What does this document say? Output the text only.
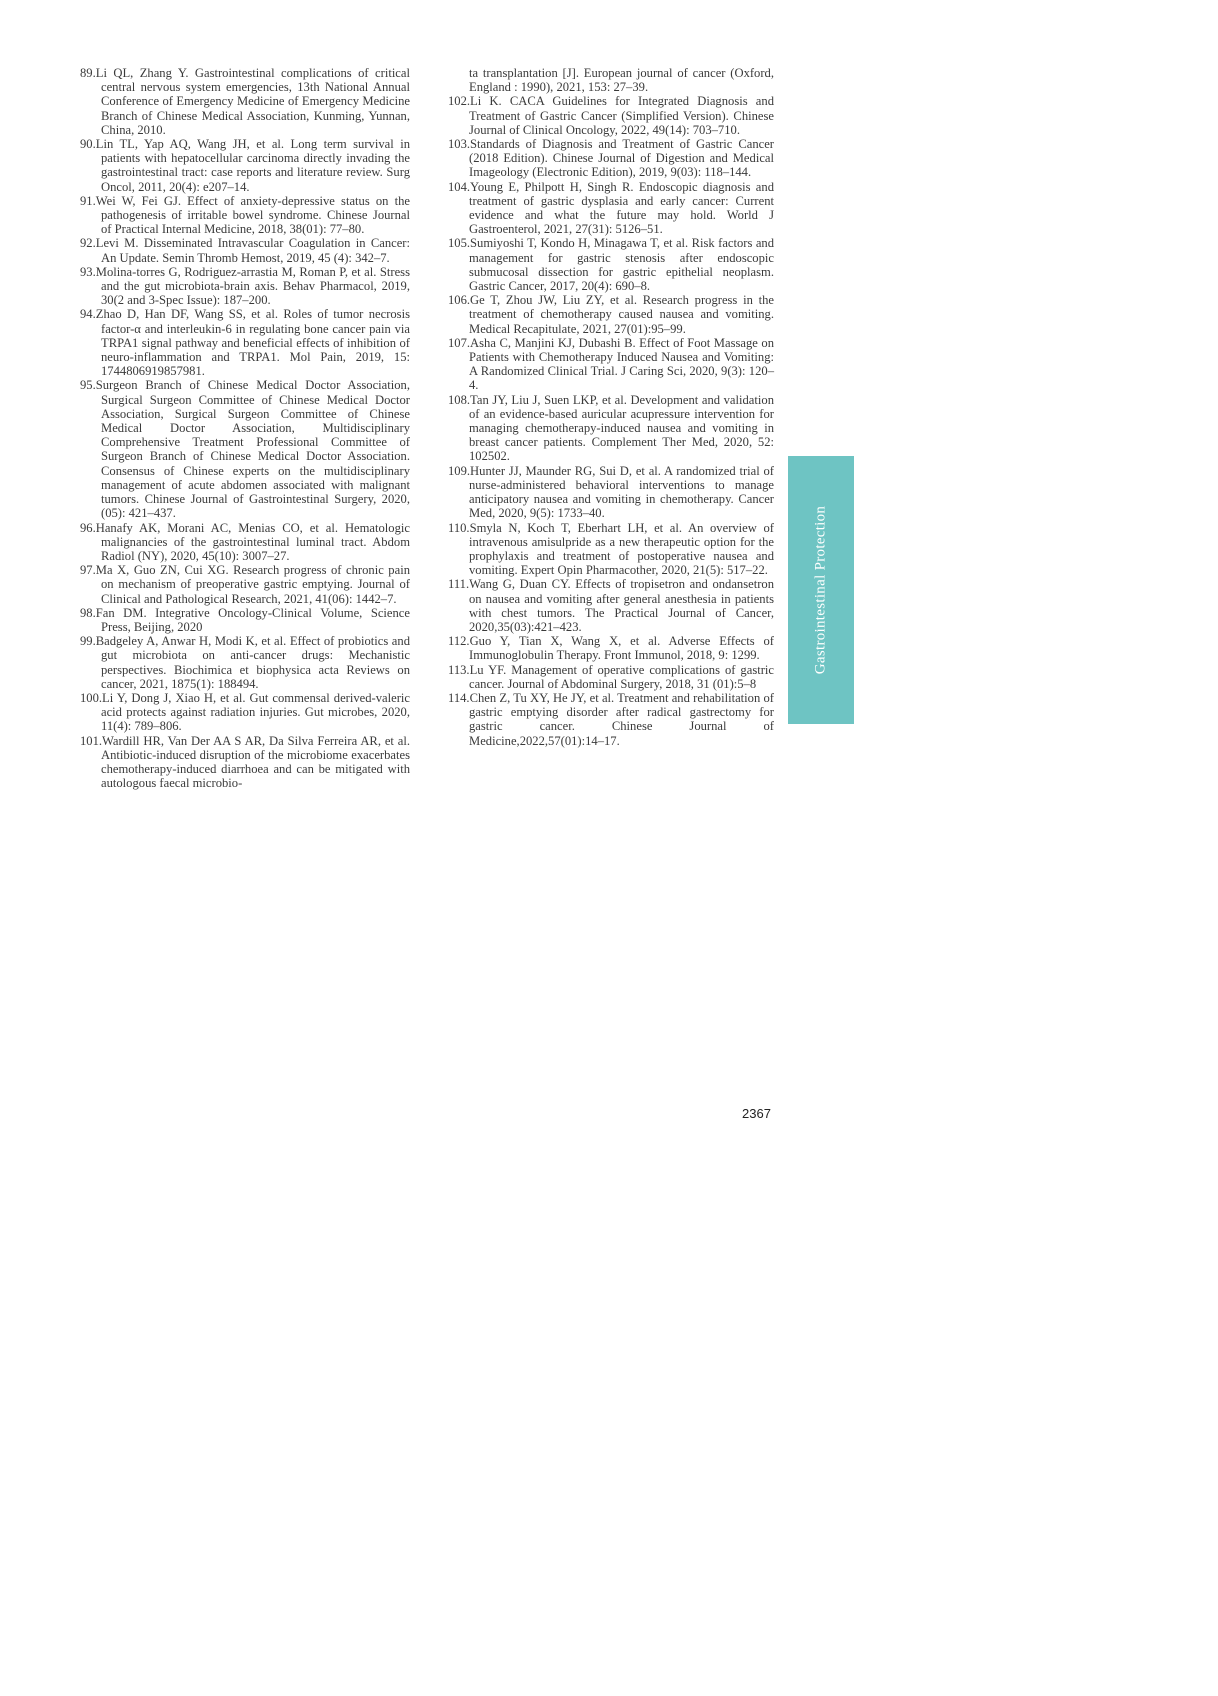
89.Li QL, Zhang Y. Gastrointestinal complications of critical central nervous system emergencies, 13th National Annual Conference of Emergency Medicine of Emergency Medicine Branch of Chinese Medical Association, Kunming, Yunnan, China, 2010.

90.Lin TL, Yap AQ, Wang JH, et al. Long term survival in patients with hepatocellular carcinoma directly invading the gastrointestinal tract: case reports and literature review. Surg Oncol, 2011, 20(4): e207–14.

91.Wei W, Fei GJ. Effect of anxiety-depressive status on the pathogenesis of irritable bowel syndrome. Chinese Journal of Practical Internal Medicine, 2018, 38(01): 77–80.

92.Levi M. Disseminated Intravascular Coagulation in Cancer: An Update. Semin Thromb Hemost, 2019, 45 (4): 342–7.

93.Molina-torres G, Rodriguez-arrastia M, Roman P, et al. Stress and the gut microbiota-brain axis. Behav Pharmacol, 2019, 30(2 and 3-Spec Issue): 187–200.

94.Zhao D, Han DF, Wang SS, et al. Roles of tumor necrosis factor-α and interleukin-6 in regulating bone cancer pain via TRPA1 signal pathway and beneficial effects of inhibition of neuro-inflammation and TRPA1. Mol Pain, 2019, 15: 1744806919857981.

95.Surgeon Branch of Chinese Medical Doctor Association, Surgical Surgeon Committee of Chinese Medical Doctor Association, Surgical Surgeon Committee of Chinese Medical Doctor Association, Multidisciplinary Comprehensive Treatment Professional Committee of Surgeon Branch of Chinese Medical Doctor Association. Consensus of Chinese experts on the multidisciplinary management of acute abdomen associated with malignant tumors. Chinese Journal of Gastrointestinal Surgery, 2020, (05): 421–437.

96.Hanafy AK, Morani AC, Menias CO, et al. Hematologic malignancies of the gastrointestinal luminal tract. Abdom Radiol (NY), 2020, 45(10): 3007–27.

97.Ma X, Guo ZN, Cui XG. Research progress of chronic pain on mechanism of preoperative gastric emptying. Journal of Clinical and Pathological Research, 2021, 41(06): 1442–7.

98.Fan DM. Integrative Oncology-Clinical Volume, Science Press, Beijing, 2020

99.Badgeley A, Anwar H, Modi K, et al. Effect of probiotics and gut microbiota on anti-cancer drugs: Mechanistic perspectives. Biochimica et biophysica acta Reviews on cancer, 2021, 1875(1): 188494.

100.Li Y, Dong J, Xiao H, et al. Gut commensal derived-valeric acid protects against radiation injuries. Gut microbes, 2020, 11(4): 789–806.

101.Wardill HR, Van Der AA S AR, Da Silva Ferreira AR, et al. Antibiotic-induced disruption of the microbiome exacerbates chemotherapy-induced diarrhoea and can be mitigated with autologous faecal microbio-

ta transplantation [J]. European journal of cancer (Oxford, England : 1990), 2021, 153: 27–39.

102.Li K. CACA Guidelines for Integrated Diagnosis and Treatment of Gastric Cancer (Simplified Version). Chinese Journal of Clinical Oncology, 2022, 49(14): 703–710.

103.Standards of Diagnosis and Treatment of Gastric Cancer (2018 Edition). Chinese Journal of Digestion and Medical Imageology (Electronic Edition), 2019, 9(03): 118–144.

104.Young E, Philpott H, Singh R. Endoscopic diagnosis and treatment of gastric dysplasia and early cancer: Current evidence and what the future may hold. World J Gastroenterol, 2021, 27(31): 5126–51.

105.Sumiyoshi T, Kondo H, Minagawa T, et al. Risk factors and management for gastric stenosis after endoscopic submucosal dissection for gastric epithelial neoplasm. Gastric Cancer, 2017, 20(4): 690–8.

106.Ge T, Zhou JW, Liu ZY, et al. Research progress in the treatment of chemotherapy caused nausea and vomiting. Medical Recapitulate, 2021, 27(01):95–99.

107.Asha C, Manjini KJ, Dubashi B. Effect of Foot Massage on Patients with Chemotherapy Induced Nausea and Vomiting: A Randomized Clinical Trial. J Caring Sci, 2020, 9(3): 120–4.

108.Tan JY, Liu J, Suen LKP, et al. Development and validation of an evidence-based auricular acupressure intervention for managing chemotherapy-induced nausea and vomiting in breast cancer patients. Complement Ther Med, 2020, 52: 102502.

109.Hunter JJ, Maunder RG, Sui D, et al. A randomized trial of nurse-administered behavioral interventions to manage anticipatory nausea and vomiting in chemotherapy. Cancer Med, 2020, 9(5): 1733–40.

110.Smyla N, Koch T, Eberhart LH, et al. An overview of intravenous amisulpride as a new therapeutic option for the prophylaxis and treatment of postoperative nausea and vomiting. Expert Opin Pharmacother, 2020, 21(5): 517–22.

111.Wang G, Duan CY. Effects of tropisetron and ondansetron on nausea and vomiting after general anesthesia in patients with chest tumors. The Practical Journal of Cancer, 2020,35(03):421–423.

112.Guo Y, Tian X, Wang X, et al. Adverse Effects of Immunoglobulin Therapy. Front Immunol, 2018, 9: 1299.

113.Lu YF. Management of operative complications of gastric cancer. Journal of Abdominal Surgery, 2018, 31 (01):5–8

114.Chen Z, Tu XY, He JY, et al. Treatment and rehabilitation of gastric emptying disorder after radical gastrectomy for gastric cancer. Chinese Journal of Medicine,2022,57(01):14–17.

Gastrointestinal Protection
2367
